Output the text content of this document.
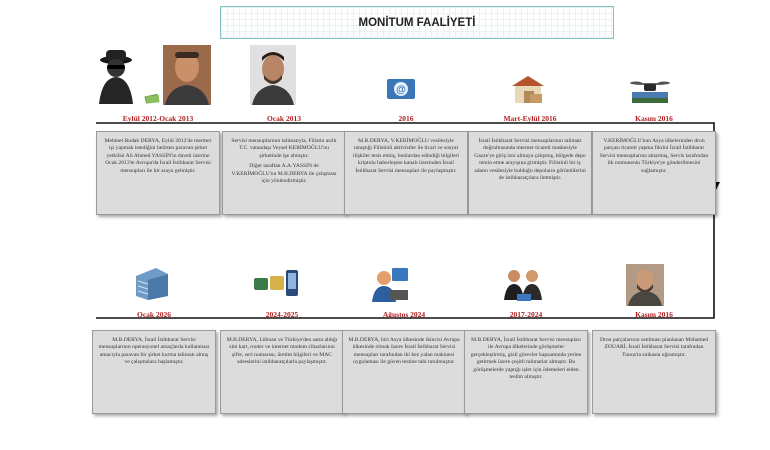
MONİTUM FAALİYETİ
Eylül 2012-Ocak 2013

Mehmet Budak DERYA, Eylül 2012'de mermer işi yapmak istediğini belirten paravan şirket yetkilisi Ali Ahmed YASSİN'in daveti üzerine Ocak 2013'te Avrupa'da İsrail İstihbarat Servisi mensupları ile bir araya gelmiştir.

Ocak 2013

Servisi mensuplarının talimatıyla, Filistin asıllı T.C. vatandaşı Veysel KERİMOĞLU'nu şirketinde işe almıştır.

Diğer taraftan A.A.YASSIN de V.KERİMOĞLU'nu M.B.DERYA ile çalışması için yönlendirmiştir.

2016

M.B.DERYA, V.KERİMOĞLU vesilesiyle tanıştığı Filistinli aktivistler ile ticari ve sosyal ilişkiler tesis etmiş, bunlardan edindiği bilgileri kriptolu haberleşme kanalı üzerinden İsrail İstihbarat Servisi mensupları ile paylaşmıştır.

Mart-Eylül 2016

İsrail İstihbarat Servisi mensuplarının talimatı doğrultusunda mermer ticareti maskesiyle Gazze'ye giriş izni almaya çalışmış, bölgede depo temin etme arayışına girmiştir. Filistinli bir iş adamı vesilesiyle bulduğu depoların görüntülerini de istihbaratçılara iletmiştir.

Kasım 2016

V.KERİMOĞLU'nun Asya ülkelerinden dron parçası ticareti yapma fikrini İsrail İstihbarat Servisi mensuplarına aktarmış, Servis tarafından ilk numunenin Türkiye'ye gönderilmesini sağlamıştır.

Ocak 2026

M.B.DERYA, İsrail İstihbarat Servisi mensuplarının operasyonel amaçlarda kullanması amacıyla paravan bir şirket kurma talimatı almış ve çalışmalara başlamıştır.

2024-2025

M.B.DERYA, Lübnan ve Türkiye'den satın aldığı sim kart, router ve internet modem cihazlarının şifre, seri numarası, üretim bilgileri ve MAC adreslerini istihbaratçılarla paylaşmıştır.

Ağustos 2024

M.B.DERYA, biri Asya ülkesinde ikincisi Avrupa ülkesinde olmak üzere İsrail İstihbarat Servisi mensupları tarafından iki kez yalan makinesi uygulaması ile güven testine tabi tutulmuştur.

2017-2024

M.B.DERYA, İsrail İstihbarat Servisi mensupları ile Avrupa ülkelerinde görüşmeler gerçekleştirmiş, gizli görevler kapsamında yerine getirmek üzere çeşitli talimatlar almıştır. Bu görüşmelerde yaptığı işler için ödemeleri elden teslim almıştır.

Kasım 2016

Dron parçalarının satılması planlanan Mohamed ZOUARİ, İsrail İstihbarat Servisi tarafından Tunus'ta suikasta uğramıştır.

@
